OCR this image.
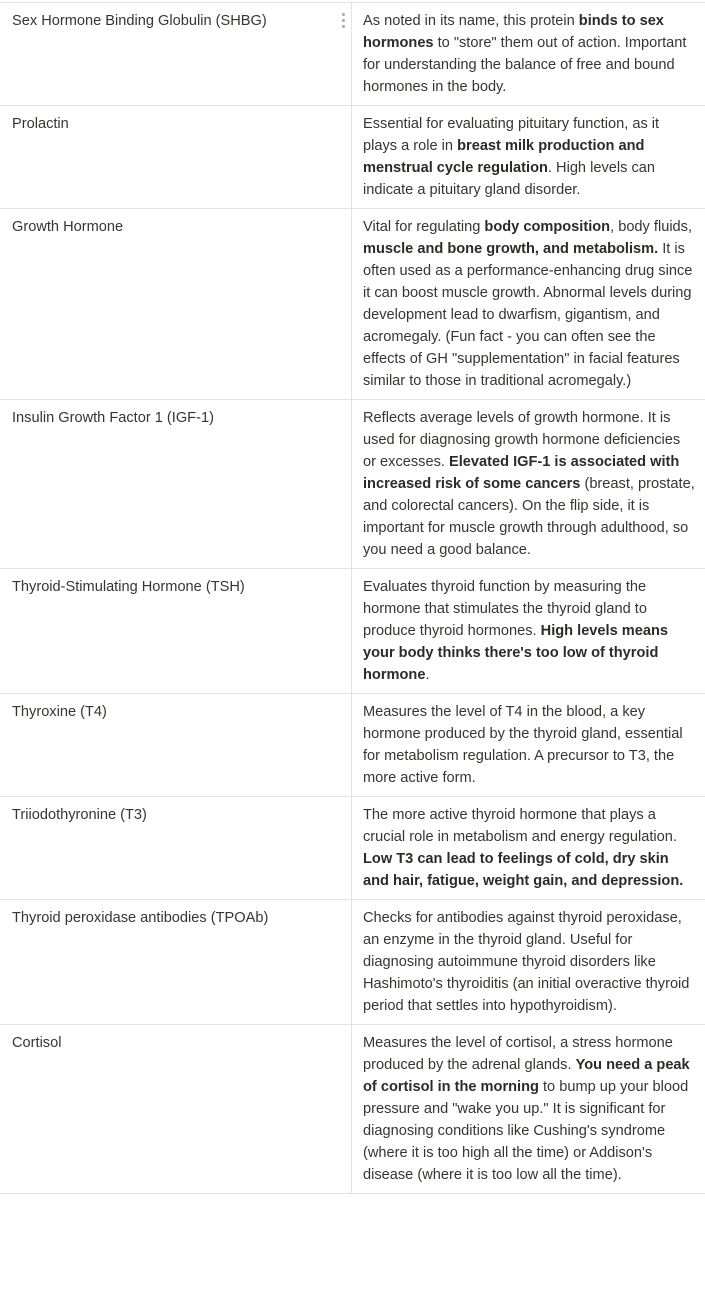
Sex Hormone Binding Globulin (SHBG)	As noted in its name, this protein binds to sex hormones to "store" them out of action. Important for understanding the balance of free and bound hormones in the body.
Prolactin	Essential for evaluating pituitary function, as it plays a role in breast milk production and menstrual cycle regulation. High levels can indicate a pituitary gland disorder.
Growth Hormone	Vital for regulating body composition, body fluids, muscle and bone growth, and metabolism. It is often used as a performance-enhancing drug since it can boost muscle growth. Abnormal levels during development lead to dwarfism, gigantism, and acromegaly. (Fun fact - you can often see the effects of GH "supplementation" in facial features similar to those in traditional acromegaly.)
Insulin Growth Factor 1 (IGF-1)	Reflects average levels of growth hormone. It is used for diagnosing growth hormone deficiencies or excesses. Elevated IGF-1 is associated with increased risk of some cancers (breast, prostate, and colorectal cancers). On the flip side, it is important for muscle growth through adulthood, so you need a good balance.
Thyroid-Stimulating Hormone (TSH)	Evaluates thyroid function by measuring the hormone that stimulates the thyroid gland to produce thyroid hormones. High levels means your body thinks there's too low of thyroid hormone.
Thyroxine (T4)	Measures the level of T4 in the blood, a key hormone produced by the thyroid gland, essential for metabolism regulation. A precursor to T3, the more active form.
Triiodothyronine (T3)	The more active thyroid hormone that plays a crucial role in metabolism and energy regulation. Low T3 can lead to feelings of cold, dry skin and hair, fatigue, weight gain, and depression.
Thyroid peroxidase antibodies (TPOAb)	Checks for antibodies against thyroid peroxidase, an enzyme in the thyroid gland. Useful for diagnosing autoimmune thyroid disorders like Hashimoto's thyroiditis (an initial overactive thyroid period that settles into hypothyroidism).
Cortisol	Measures the level of cortisol, a stress hormone produced by the adrenal glands. You need a peak of cortisol in the morning to bump up your blood pressure and "wake you up." It is significant for diagnosing conditions like Cushing's syndrome (where it is too high all the time) or Addison's disease (where it is too low all the time).
